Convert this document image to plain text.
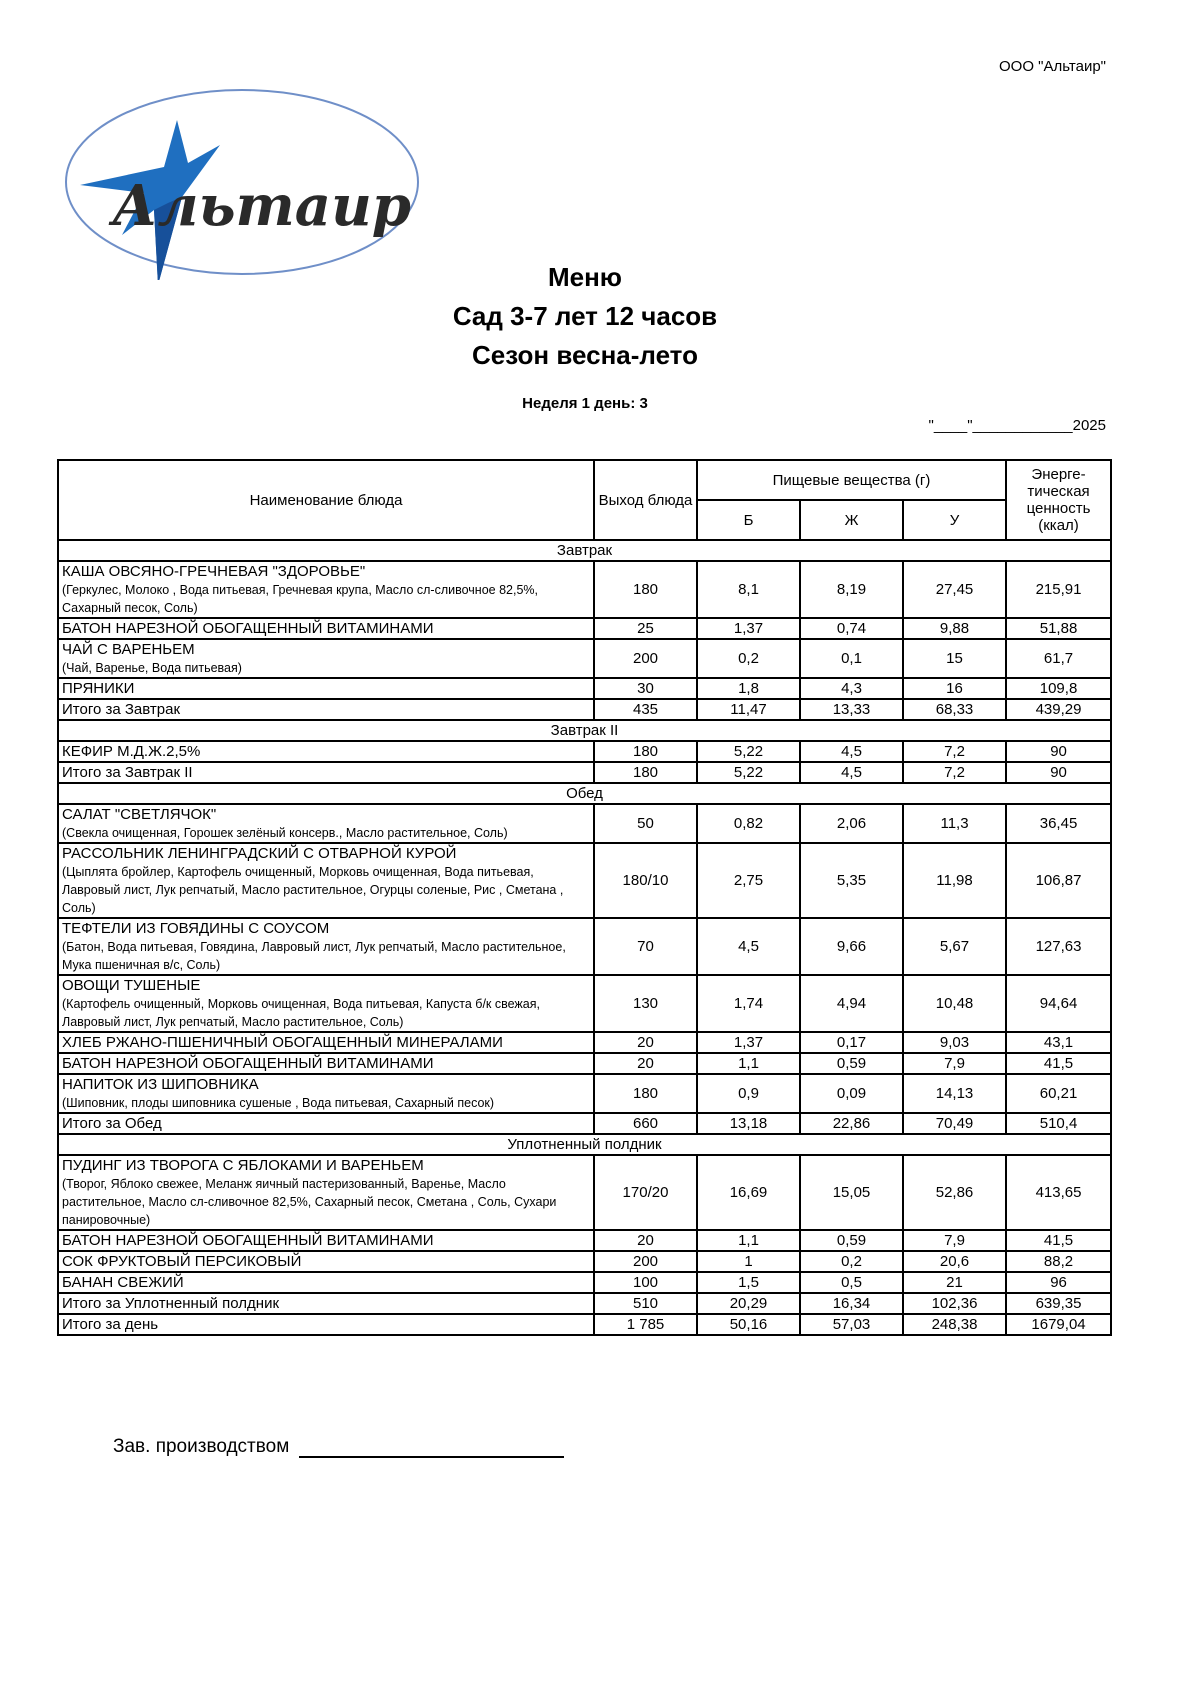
ООО "Альтаир"
Альтаир
Меню
Сад 3-7 лет 12 часов
Сезон весна-лето
Неделя 1 день: 3
"____"____________2025
Наименование блюда	Выход блюда	Пищевые вещества (г)			Энерге-тическая ценность (ккал)
		Б	Ж	У	
Завтрак					

КАША ОВСЯНО-ГРЕЧНЕВАЯ "ЗДОРОВЬЕ"
(Геркулес, Молоко , Вода питьевая, Гречневая крупа, Масло сл-сливочное 82,5%, Сахарный песок, Соль)	180	8,1	8,19	27,45	215,91

БАТОН НАРЕЗНОЙ ОБОГАЩЕННЫЙ ВИТАМИНАМИ	25	1,37	0,74	9,88	51,88

ЧАЙ С ВАРЕНЬЕМ
(Чай, Варенье, Вода питьевая)	200	0,2	0,1	15	61,7

ПРЯНИКИ	30	1,8	4,3	16	109,8
Итого за Завтрак	435	11,47	13,33	68,33	439,29
Завтрак II					

КЕФИР М.Д.Ж.2,5%	180	5,22	4,5	7,2	90
Итого за Завтрак II	180	5,22	4,5	7,2	90
Обед					

САЛАТ "СВЕТЛЯЧОК"
(Свекла очищенная, Горошек зелёный консерв., Масло растительное, Соль)	50	0,82	2,06	11,3	36,45

РАССОЛЬНИК ЛЕНИНГРАДСКИЙ С ОТВАРНОЙ КУРОЙ
(Цыплята бройлер, Картофель очищенный, Морковь очищенная, Вода питьевая, Лавровый лист, Лук репчатый, Масло растительное, Огурцы соленые, Рис , Сметана , Соль)	180/10	2,75	5,35	11,98	106,87

ТЕФТЕЛИ ИЗ ГОВЯДИНЫ С СОУСОМ
(Батон, Вода питьевая, Говядина, Лавровый лист, Лук репчатый, Масло растительное, Мука пшеничная в/с, Соль)	70	4,5	9,66	5,67	127,63

ОВОЩИ ТУШЕНЫЕ
(Картофель очищенный, Морковь очищенная, Вода питьевая, Капуста б/к свежая, Лавровый лист, Лук репчатый, Масло растительное, Соль)	130	1,74	4,94	10,48	94,64

ХЛЕБ РЖАНО-ПШЕНИЧНЫЙ ОБОГАЩЕННЫЙ МИНЕРАЛАМИ	20	1,37	0,17	9,03	43,1

БАТОН НАРЕЗНОЙ ОБОГАЩЕННЫЙ ВИТАМИНАМИ	20	1,1	0,59	7,9	41,5

НАПИТОК ИЗ ШИПОВНИКА
(Шиповник, плоды шиповника сушеные , Вода питьевая, Сахарный песок)	180	0,9	0,09	14,13	60,21
Итого за Обед	660	13,18	22,86	70,49	510,4
Уплотненный полдник					

ПУДИНГ ИЗ ТВОРОГА С ЯБЛОКАМИ И ВАРЕНЬЕМ
(Творог, Яблоко свежее, Меланж яичный пастеризованный, Варенье, Масло растительное, Масло сл-сливочное 82,5%, Сахарный песок, Сметана , Соль, Сухари панировочные)	170/20	16,69	15,05	52,86	413,65

БАТОН НАРЕЗНОЙ ОБОГАЩЕННЫЙ ВИТАМИНАМИ	20	1,1	0,59	7,9	41,5

СОК ФРУКТОВЫЙ ПЕРСИКОВЫЙ	200	1	0,2	20,6	88,2

БАНАН СВЕЖИЙ	100	1,5	0,5	21	96
Итого за Уплотненный полдник	510	20,29	16,34	102,36	639,35
Итого за день	1 785	50,16	57,03	248,38	1679,04
Зав. производством
